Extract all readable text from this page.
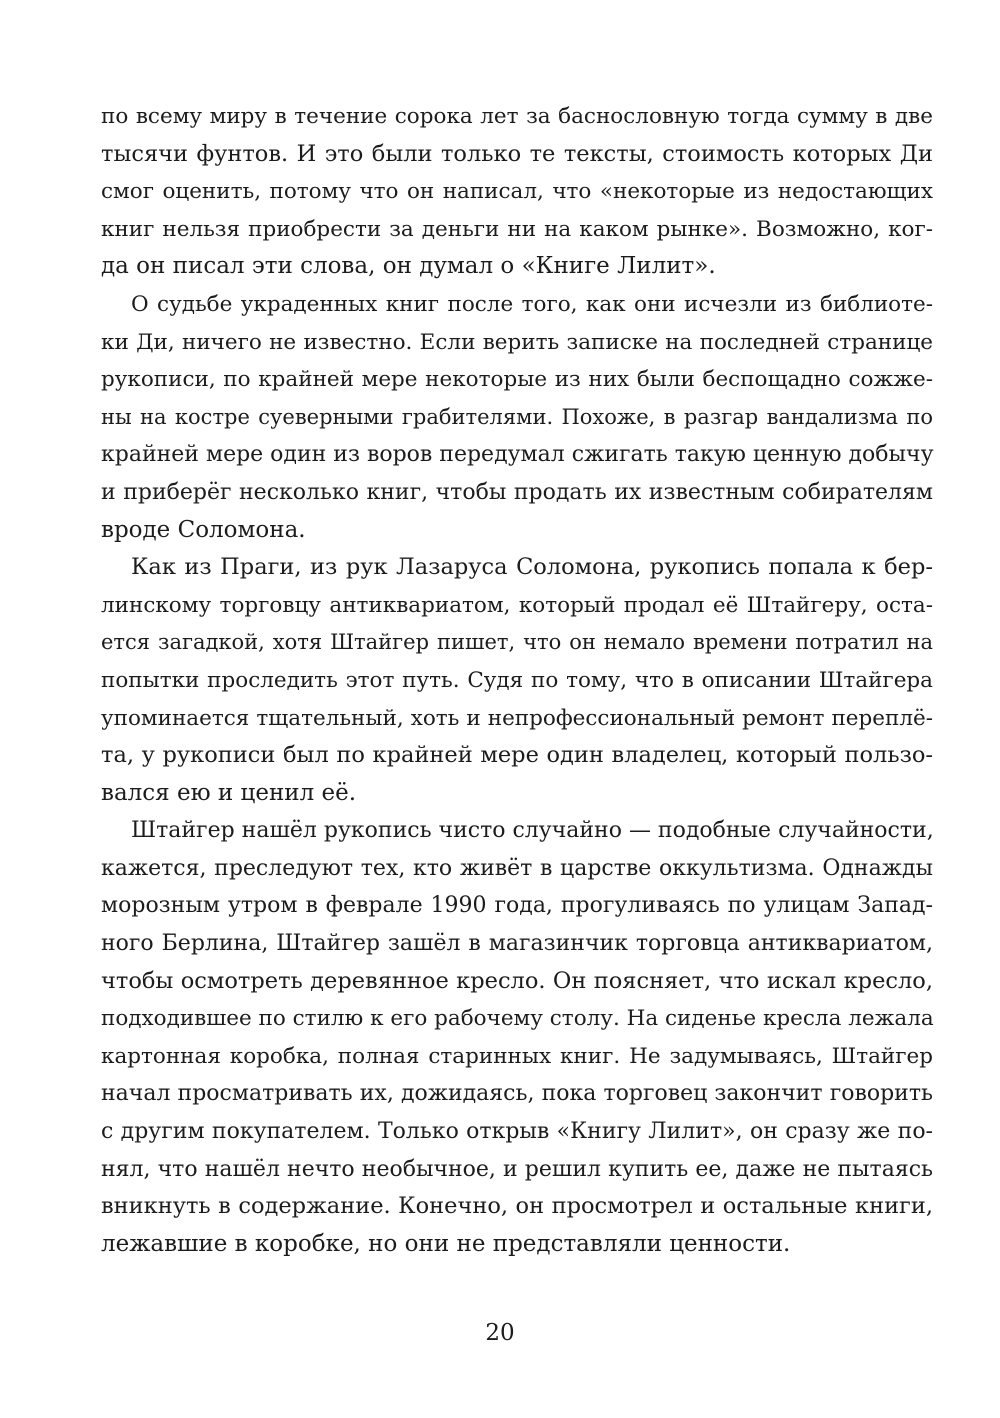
по всему миру в течение сорока лет за баснословную тогда сумму в две
тысячи фунтов. И это были только те тексты, стоимость которых Ди
смог оценить, потому что он написал, что «некоторые из недостающих
книг нельзя приобрести за деньги ни на каком рынке». Возможно, ког-
да он писал эти слова, он думал о «Книге Лилит».
О судьбе украденных книг после того, как они исчезли из библиоте-
ки Ди, ничего не известно. Если верить записке на последней странице
рукописи, по крайней мере некоторые из них были беспощадно сожже-
ны на костре суеверными грабителями. Похоже, в разгар вандализма по
крайней мере один из воров передумал сжигать такую ценную добычу
и приберёг несколько книг, чтобы продать их известным собирателям
вроде Соломона.
Как из Праги, из рук Лазаруса Соломона, рукопись попала к бер-
линскому торговцу антиквариатом, который продал её Штайгеру, оста-
ется загадкой, хотя Штайгер пишет, что он немало времени потратил на
попытки проследить этот путь. Судя по тому, что в описании Штайгера
упоминается тщательный, хоть и непрофессиональный ремонт перeплё-
та, у рукописи был по крайней мере один владелец, который пользо-
вался ею и ценил её.
Штайгер нашёл рукопись чисто случайно — подобные случайности,
кажется, преследуют тех, кто живёт в царстве оккультизма. Однажды
морозным утром в феврале 1990 года, прогуливаясь по улицам Запад-
ного Берлина, Штайгер зашёл в магазинчик торговца антиквариатом,
чтобы осмотреть деревянное кресло. Он поясняет, что искал кресло,
подходившее по стилю к его рабочему столу. На сиденье кресла лежала
картонная коробка, полная старинных книг. Не задумываясь, Штайгер
начал просматривать их, дожидаясь, пока торговец закончит говорить
с другим покупателем. Только открыв «Книгу Лилит», он сразу же по-
нял, что нашёл нечто необычное, и решил купить ее, даже не пытаясь
вникнуть в содержание. Конечно, он просмотрел и остальные книги,
лежавшие в коробке, но они не представляли ценности.
20
